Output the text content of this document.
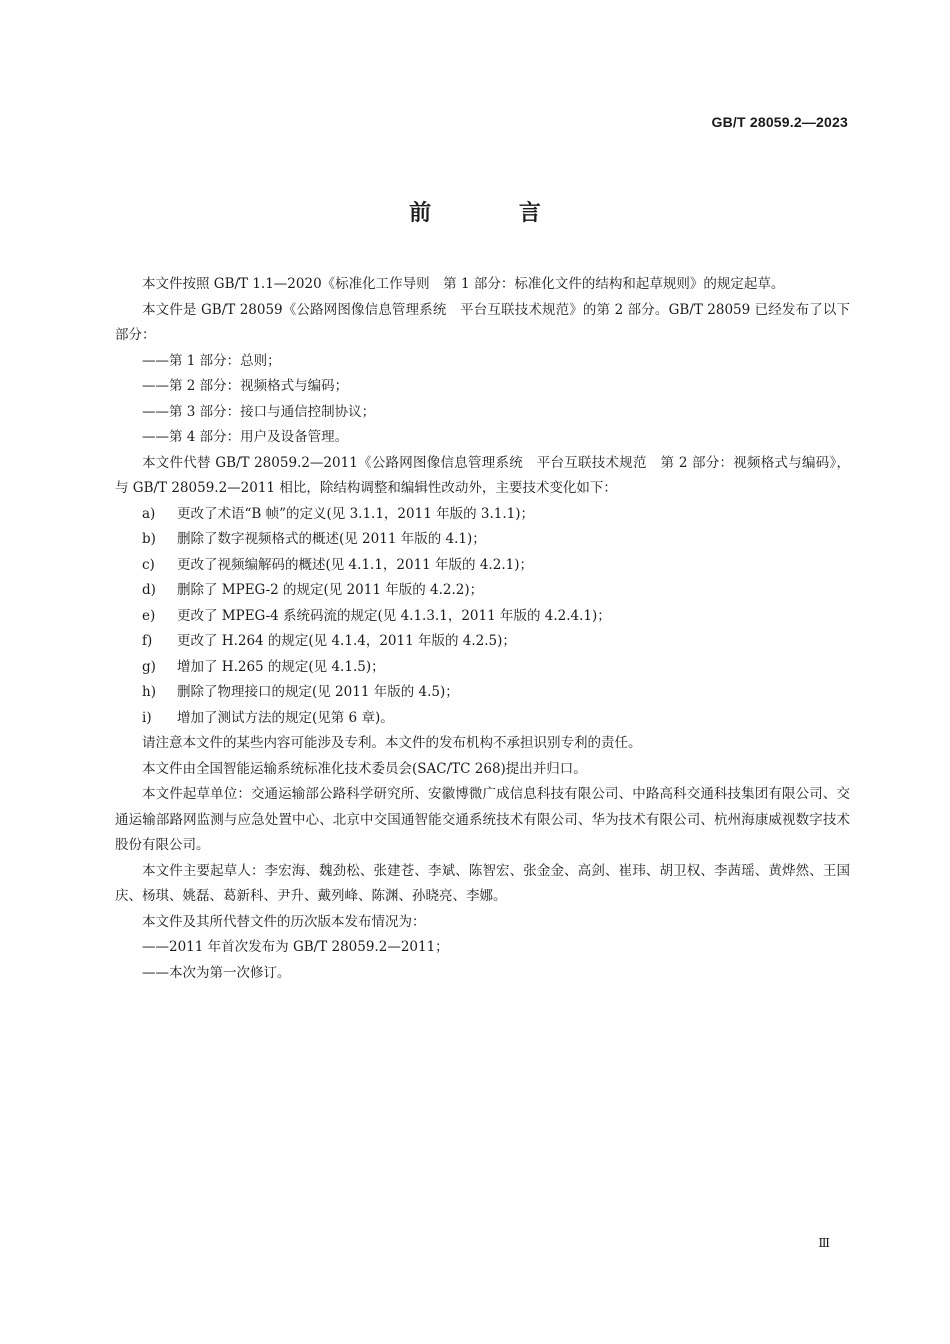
GB/T 28059.2—2023
前 言

本文件按照 GB/T 1.1—2020《标准化工作导则　第 1 部分：标准化文件的结构和起草规则》的规定起草。

本文件是 GB/T 28059《公路网图像信息管理系统　平台互联技术规范》的第 2 部分。GB/T 28059 已经发布了以下部分：

——第 1 部分：总则；

——第 2 部分：视频格式与编码；

——第 3 部分：接口与通信控制协议；

——第 4 部分：用户及设备管理。

本文件代替 GB/T 28059.2—2011《公路网图像信息管理系统　平台互联技术规范　第 2 部分：视频格式与编码》，与 GB/T 28059.2—2011 相比，除结构调整和编辑性改动外，主要技术变化如下：

a)	更改了术语“B 帧”的定义(见 3.1.1，2011 年版的 3.1.1)；
b)	删除了数字视频格式的概述(见 2011 年版的 4.1)；
c)	更改了视频编解码的概述(见 4.1.1，2011 年版的 4.2.1)；
d)	删除了 MPEG-2 的规定(见 2011 年版的 4.2.2)；
e)	更改了 MPEG-4 系统码流的规定(见 4.1.3.1，2011 年版的 4.2.4.1)；
f)	更改了 H.264 的规定(见 4.1.4，2011 年版的 4.2.5)；
g)	增加了 H.265 的规定(见 4.1.5)；
h)	删除了物理接口的规定(见 2011 年版的 4.5)；
i)	增加了测试方法的规定(见第 6 章)。

请注意本文件的某些内容可能涉及专利。本文件的发布机构不承担识别专利的责任。

本文件由全国智能运输系统标准化技术委员会(SAC/TC 268)提出并归口。

本文件起草单位：交通运输部公路科学研究所、安徽博微广成信息科技有限公司、中路高科交通科技集团有限公司、交通运输部路网监测与应急处置中心、北京中交国通智能交通系统技术有限公司、华为技术有限公司、杭州海康威视数字技术股份有限公司。

本文件主要起草人：李宏海、魏劲松、张建苍、李斌、陈智宏、张金金、高剑、崔玮、胡卫权、李茜瑶、黄烨然、王国庆、杨琪、姚磊、葛新科、尹升、戴列峰、陈渊、孙晓亮、李娜。

本文件及其所代替文件的历次版本发布情况为：

——2011 年首次发布为 GB/T 28059.2—2011；

——本次为第一次修订。

Ⅲ
